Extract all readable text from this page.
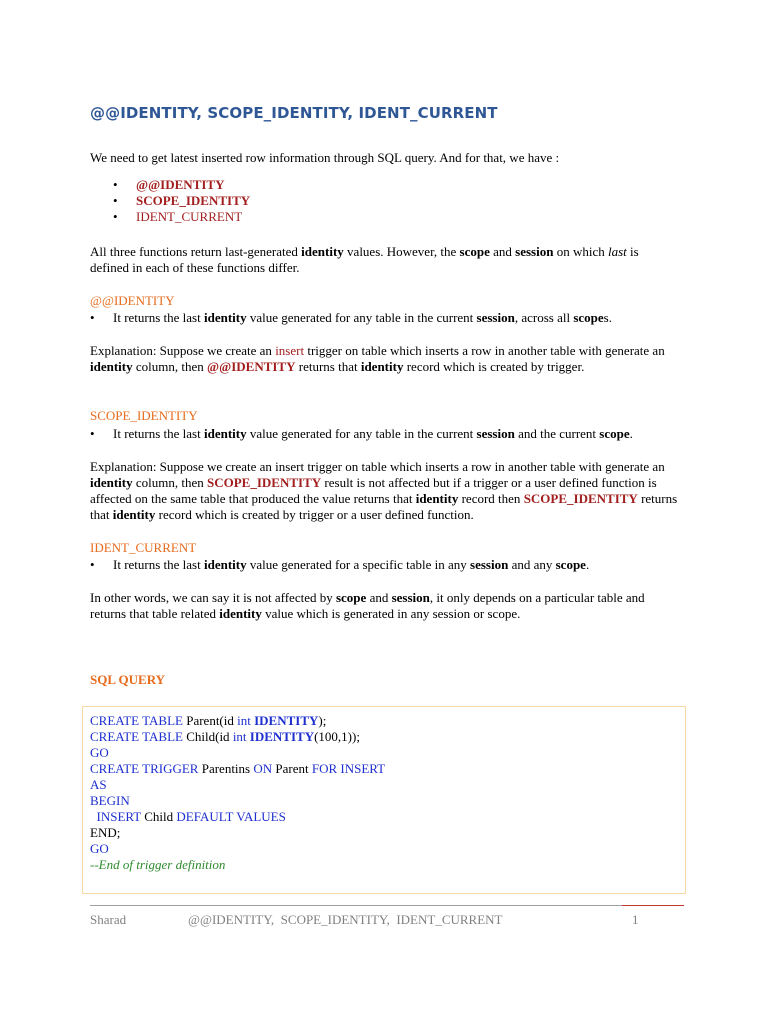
@@IDENTITY, SCOPE_IDENTITY, IDENT_CURRENT

We need to get latest inserted row information through SQL query. And for that, we have :

• @@IDENTITY
• SCOPE_IDENTITY
• IDENT_CURRENT

All three functions return last-generated identity values. However, the scope and session on which last is defined in each of these functions differ.

@@IDENTITY
• It returns the last identity value generated for any table in the current session, across all scopes.

Explanation: Suppose we create an insert trigger on table which inserts a row in another table with generate an identity column, then @@IDENTITY returns that identity record which is created by trigger.

SCOPE_IDENTITY
• It returns the last identity value generated for any table in the current session and the current scope.

Explanation: Suppose we create an insert trigger on table which inserts a row in another table with generate an identity column, then SCOPE_IDENTITY result is not affected but if a trigger or a user defined function is affected on the same table that produced the value returns that identity record then SCOPE_IDENTITY returns that identity record which is created by trigger or a user defined function.

IDENT_CURRENT
• It returns the last identity value generated for a specific table in any session and any scope.

In other words, we can say it is not affected by scope and session, it only depends on a particular table and returns that table related identity value which is generated in any session or scope.

SQL QUERY
CREATE TABLE Parent(id int IDENTITY);
CREATE TABLE Child(id int IDENTITY(100,1));
GO
CREATE TRIGGER Parentins ON Parent FOR INSERT
AS
BEGIN
INSERT Child DEFAULT VALUES
END;
GO
--End of trigger definition
Sharad	@@IDENTITY,  SCOPE_IDENTITY,  IDENT_CURRENT	1
